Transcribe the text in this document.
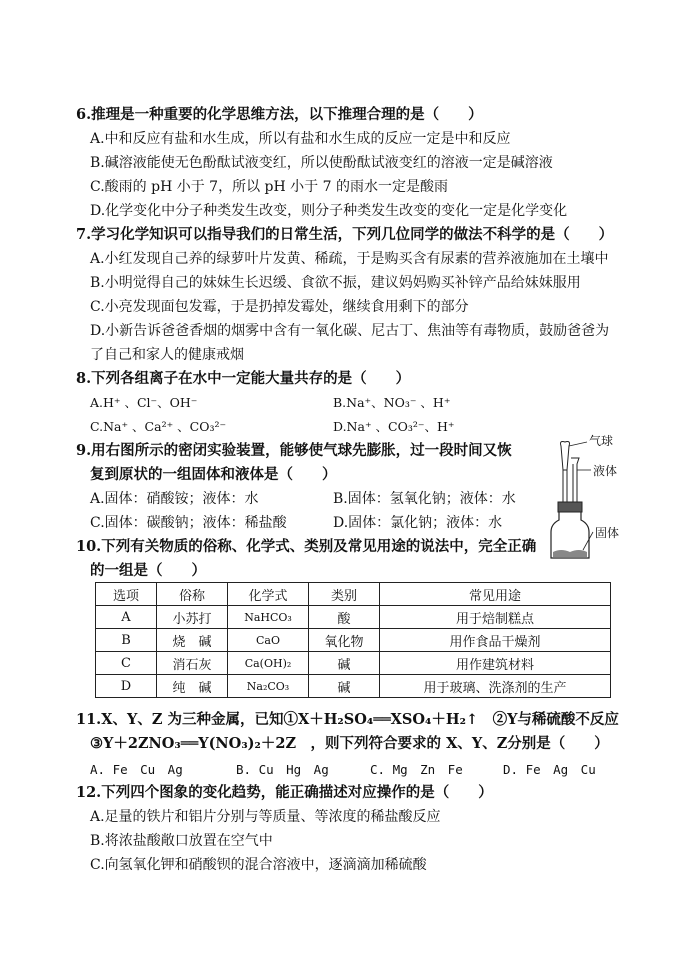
6.推理是一种重要的化学思维方法，以下推理合理的是（　　）
A.中和反应有盐和水生成，所以有盐和水生成的反应一定是中和反应
B.碱溶液能使无色酚酞试液变红，所以使酚酞试液变红的溶液一定是碱溶液
C.酸雨的 pH 小于 7，所以 pH 小于 7 的雨水一定是酸雨
D.化学变化中分子种类发生改变，则分子种类发生改变的变化一定是化学变化
7.学习化学知识可以指导我们的日常生活，下列几位同学的做法不科学的是（　　）
A.小红发现自己养的绿萝叶片发黄、稀疏，于是购买含有尿素的营养液施加在土壤中
B.小明觉得自己的妹妹生长迟缓、食欲不振，建议妈妈购买补锌产品给妹妹服用
C.小亮发现面包发霉，于是扔掉发霉处，继续食用剩下的部分
D.小新告诉爸爸香烟的烟雾中含有一氧化碳、尼古丁、焦油等有毒物质，鼓励爸爸为
了自己和家人的健康戒烟
8.下列各组离子在水中一定能大量共存的是（　　）
A.H⁺ 、Cl⁻、OH⁻	B.Na⁺、NO₃⁻ 、H⁺
C.Na⁺ 、Ca²⁺ 、CO₃²⁻	D.Na⁺ 、CO₃²⁻、H⁺
9.用右图所示的密闭实验装置，能够使气球先膨胀，过一段时间又恢
复到原状的一组固体和液体是（　　）
A.固体：硝酸铵；液体：水	B.固体：氢氧化钠；液体：水
C.固体：碳酸钠；液体：稀盐酸	D.固体：氯化钠；液体：水
气球
液体
固体
10.下列有关物质的俗称、化学式、类别及常见用途的说法中，完全正确
的一组是（　　）
选项	俗称	化学式	类别	常见用途
A	小苏打	NaHCO₃	酸	用于焙制糕点
B	烧　碱	CaO	氧化物	用作食品干燥剂
C	消石灰	Ca(OH)₂	碱	用作建筑材料
D	纯　碱	Na₂CO₃	碱	用于玻璃、洗涤剂的生产
11.X、Y、Z 为三种金属，已知①X＋H₂SO₄══XSO₄＋H₂↑　②Y与稀硫酸不反应
③Y＋2ZNO₃══Y(NO₃)₂＋2Z　，则下列符合要求的 X、Y、Z分别是（　　）
A. Fe　Cu　Ag	B. Cu　Hg　Ag	C. Mg　Zn　Fe	D. Fe　Ag　Cu
12.下列四个图象的变化趋势，能正确描述对应操作的是（　　）
A.足量的铁片和铝片分别与等质量、等浓度的稀盐酸反应
B.将浓盐酸敞口放置在空气中
C.向氢氧化钾和硝酸钡的混合溶液中，逐滴滴加稀硫酸
